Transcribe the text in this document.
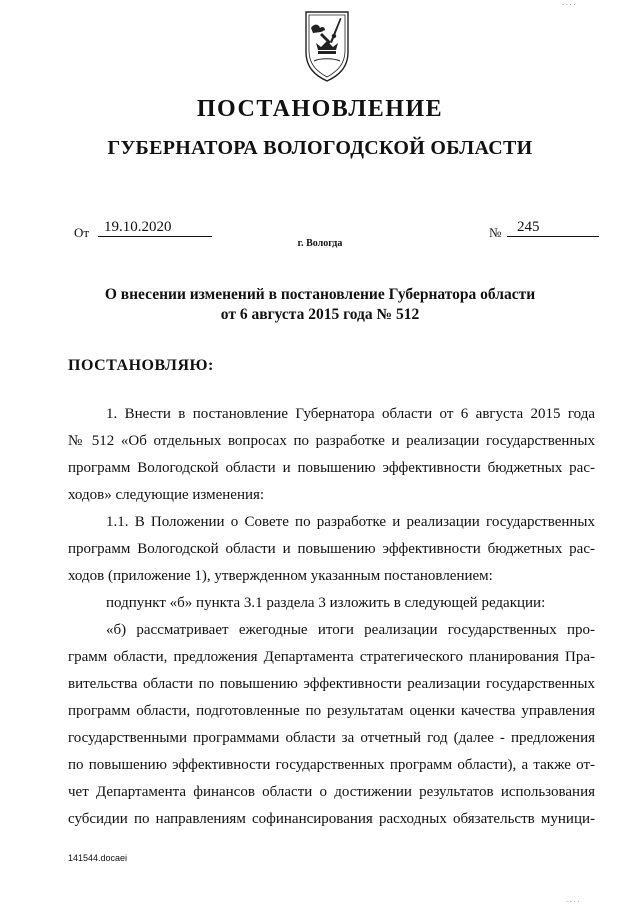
ПОСТАНОВЛЕНИЕ
ГУБЕРНАТОРА ВОЛОГОДСКОЙ ОБЛАСТИ
От 19.10.2020
г. Вологда
№	245
О внесении изменений в постановление Губернатора области
от 6 августа 2015 года № 512
ПОСТАНОВЛЯЮ:
1. Внести в постановление Губернатора области от 6 августа 2015 года
№ 512 «Об отдельных вопросах по разработке и реализации государственных
программ Вологодской области и повышению эффективности бюджетных рас-
ходов» следующие изменения:
1.1. В Положении о Совете по разработке и реализации государственных
программ Вологодской области и повышению эффективности бюджетных рас-
ходов (приложение 1), утвержденном указанным постановлением:
подпункт «б» пункта 3.1 раздела 3 изложить в следующей редакции:
«б) рассматривает ежегодные итоги реализации государственных про-
грамм области, предложения Департамента стратегического планирования Пра-
вительства области по повышению эффективности реализации государственных
программ области, подготовленные по результатам оценки качества управления
государственными программами области за отчетный год (далее - предложения
по повышению эффективности государственных программ области), а также от-
чет Департамента финансов области о достижении результатов использования
субсидии по направлениям софинансирования расходных обязательств муници-
141544.docaei
. . . .
. . . .
